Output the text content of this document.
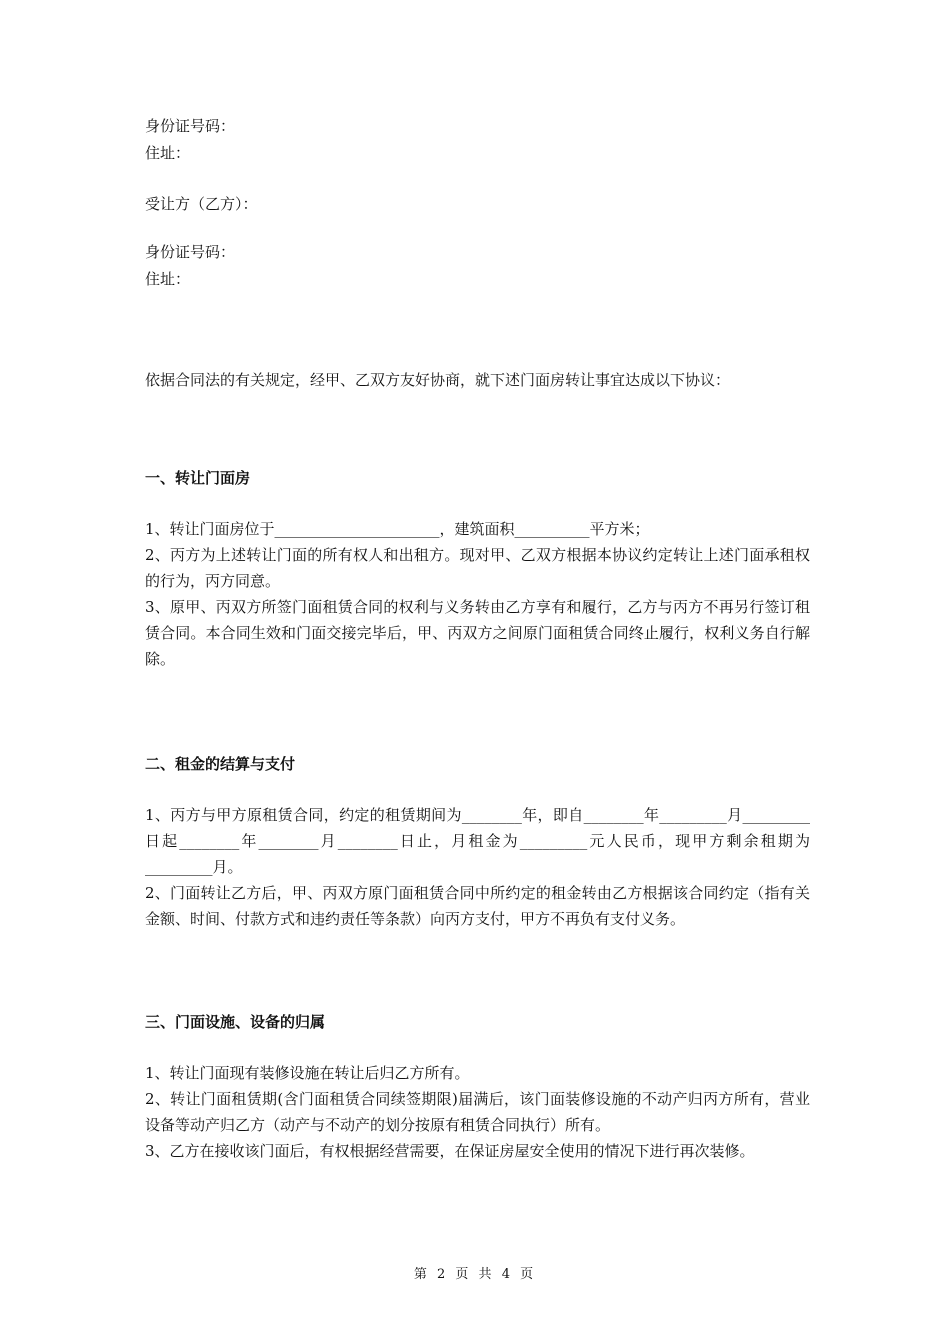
身份证号码：
住址：
受让方（乙方）：
身份证号码：
住址：
依据合同法的有关规定，经甲、乙双方友好协商，就下述门面房转让事宜达成以下协议：
一、转让门面房
1、转让门面房位于______________________，建筑面积__________平方米；
2、丙方为上述转让门面的所有权人和出租方。现对甲、乙双方根据本协议约定转让上述门面承租权的行为，丙方同意。
3、原甲、丙双方所签门面租赁合同的权利与义务转由乙方享有和履行，乙方与丙方不再另行签订租赁合同。本合同生效和门面交接完毕后，甲、丙双方之间原门面租赁合同终止履行，权利义务自行解除。
二、租金的结算与支付
1、丙方与甲方原租赁合同，约定的租赁期间为________年，即自________年_________月_________日起________年________月________日止，月租金为_________元人民币，现甲方剩余租期为_________月。
2、门面转让乙方后，甲、丙双方原门面租赁合同中所约定的租金转由乙方根据该合同约定（指有关金额、时间、付款方式和违约责任等条款）向丙方支付，甲方不再负有支付义务。
三、门面设施、设备的归属
1、转让门面现有装修设施在转让后归乙方所有。
2、转让门面租赁期(含门面租赁合同续签期限)届满后，该门面装修设施的不动产归丙方所有，营业设备等动产归乙方（动产与不动产的划分按原有租赁合同执行）所有。
3、乙方在接收该门面后，有权根据经营需要，在保证房屋安全使用的情况下进行再次装修。
第 2 页 共 4 页
